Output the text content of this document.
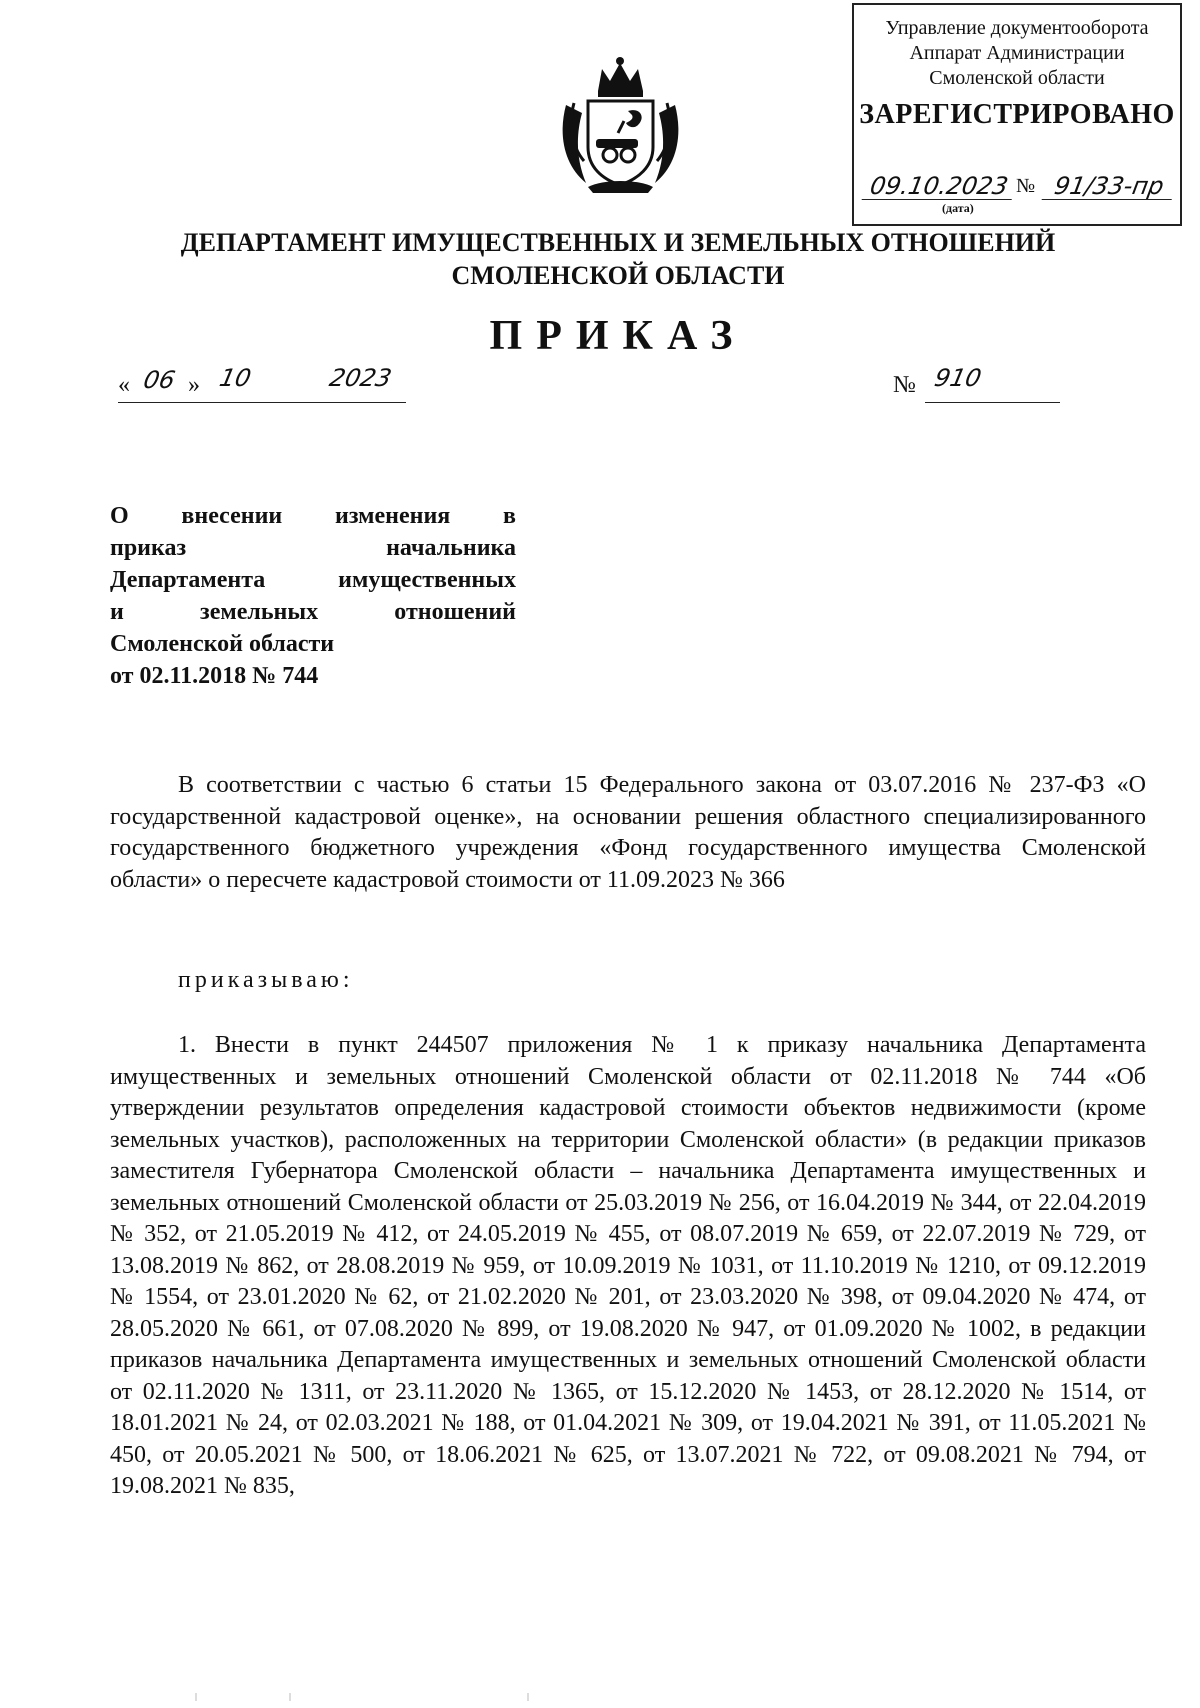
Управление документооборота
Аппарат Администрации
Смоленской области
ЗАРЕГИСТРИРОВАНО
09.10.2023 № 91/33-пр
(дата)
ДЕПАРТАМЕНТ ИМУЩЕСТВЕННЫХ И ЗЕМЕЛЬНЫХ ОТНОШЕНИЙ
СМОЛЕНСКОЙ ОБЛАСТИ
ПРИКАЗ
« 06 » 10	2023	№ 910
О внесении изменения в
приказ начальника
Департамента имущественных
и земельных отношений
Смоленской области
от 02.11.2018 № 744
В соответствии с частью 6 статьи 15 Федерального закона от 03.07.2016 № 237-ФЗ «О государственной кадастровой оценке», на основании решения областного специализированного государственного бюджетного учреждения «Фонд государственного имущества Смоленской области» о пересчете кадастровой стоимости от 11.09.2023 № 366
приказываю:
1. Внести в пункт 244507 приложения № 1 к приказу начальника Департамента имущественных и земельных отношений Смоленской области от 02.11.2018 № 744 «Об утверждении результатов определения кадастровой стоимости объектов недвижимости (кроме земельных участков), расположенных на территории Смоленской области» (в редакции приказов заместителя Губернатора Смоленской области – начальника Департамента имущественных и земельных отношений Смоленской области от 25.03.2019 № 256, от 16.04.2019 № 344, от 22.04.2019 № 352, от 21.05.2019 № 412, от 24.05.2019 № 455, от 08.07.2019 № 659, от 22.07.2019 № 729, от 13.08.2019 № 862, от 28.08.2019 № 959, от 10.09.2019 № 1031, от 11.10.2019 № 1210, от 09.12.2019 № 1554, от 23.01.2020 № 62, от 21.02.2020 № 201, от 23.03.2020 № 398, от 09.04.2020 № 474, от 28.05.2020 № 661, от 07.08.2020 № 899, от 19.08.2020 № 947, от 01.09.2020 № 1002, в редакции приказов начальника Департамента имущественных и земельных отношений Смоленской области от 02.11.2020 № 1311, от 23.11.2020 № 1365, от 15.12.2020 № 1453, от 28.12.2020 № 1514, от 18.01.2021 № 24, от 02.03.2021 № 188, от 01.04.2021 № 309, от 19.04.2021 № 391, от 11.05.2021 № 450, от 20.05.2021 № 500, от 18.06.2021 № 625, от 13.07.2021 № 722, от 09.08.2021 № 794, от 19.08.2021 № 835,
